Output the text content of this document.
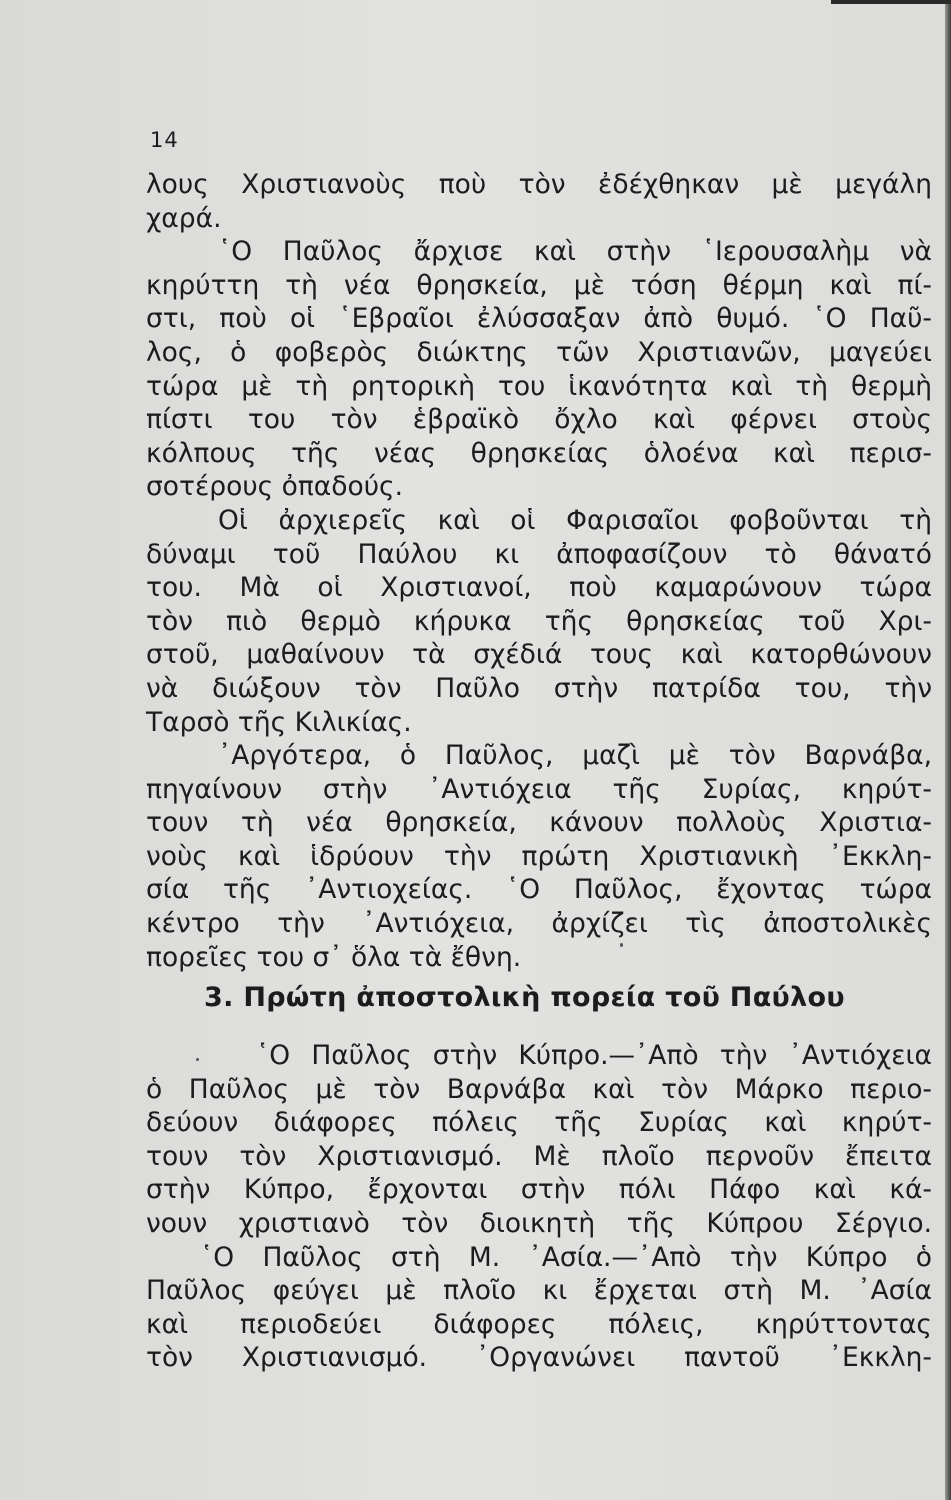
14
λους Χριστιανοὺς ποὺ τὸν ἐδέχθηκαν μὲ μεγάλη
χαρά.
῾Ο Παῦλος ἄρχισε καὶ στὴν ῾Ιερουσαλὴμ νὰ
κηρύττη τὴ νέα θρησκεία, μὲ τόση θέρμη καὶ πί-
στι, ποὺ οἱ ῾Εβραῖοι ἐλύσσαξαν ἀπὸ θυμό. ῾Ο Παῦ-
λος, ὁ φοβερὸς διώκτης τῶν Χριστιανῶν, μαγεύει
τώρα μὲ τὴ ρητορικὴ του ἱκανότητα καὶ τὴ θερμὴ
πίστι του τὸν ἑβραϊκὸ ὄχλο καὶ φέρνει στοὺς
κόλπους τῆς νέας θρησκείας ὁλοένα καὶ περισ-
σοτέρους ὀπαδούς.
Οἱ ἀρχιερεῖς καὶ οἱ Φαρισαῖοι φοβοῦνται τὴ
δύναμι τοῦ Παύλου κι ἀποφασίζουν τὸ θάνατό
του. Μὰ οἱ Χριστιανοί, ποὺ καμαρώνουν τώρα
τὸν πιὸ θερμὸ κήρυκα τῆς θρησκείας τοῦ Χρι-
στοῦ, μαθαίνουν τὰ σχέδιά τους καὶ κατορθώνουν
νὰ διώξουν τὸν Παῦλο στὴν πατρίδα του, τὴν
Ταρσὸ τῆς Κιλικίας.
᾿Αργότερα, ὁ Παῦλος, μαζὶ μὲ τὸν Βαρνάβα,
πηγαίνουν στὴν ᾿Αντιόχεια τῆς Συρίας, κηρύτ-
τουν τὴ νέα θρησκεία, κάνουν πολλοὺς Χριστια-
νοὺς καὶ ἱδρύουν τὴν πρώτη Χριστιανικὴ ᾿Εκκλη-
σία τῆς ᾿Αντιοχείας. ῾Ο Παῦλος, ἔχοντας τώρα
κέντρο τὴν ᾿Αντιόχεια, ἀρχίζει τὶς ἀποστολικὲς
πορεῖες του σ᾿ ὅλα τὰ ἔθνη.
3. Πρώτη ἀποστολικὴ πορεία τοῦ Παύλου
῾Ο Παῦλος στὴν Κύπρο.—᾿Απὸ τὴν ᾿Αντιόχεια
ὁ Παῦλος μὲ τὸν Βαρνάβα καὶ τὸν Μάρκο περιο-
δεύουν διάφορες πόλεις τῆς Συρίας καὶ κηρύτ-
τουν τὸν Χριστιανισμό. Μὲ πλοῖο περνοῦν ἔπειτα
στὴν Κύπρο, ἔρχονται στὴν πόλι Πάφο καὶ κά-
νουν χριστιανὸ τὸν διοικητὴ τῆς Κύπρου Σέργιο.
῾Ο Παῦλος στὴ Μ. ᾿Ασία.—᾿Απὸ τὴν Κύπρο ὁ
Παῦλος φεύγει μὲ πλοῖο κι ἔρχεται στὴ Μ. ᾿Ασία
καὶ περιοδεύει διάφορες πόλεις, κηρύττοντας
τὸν Χριστιανισμό. ᾿Οργανώνει παντοῦ ᾿Εκκλη-
